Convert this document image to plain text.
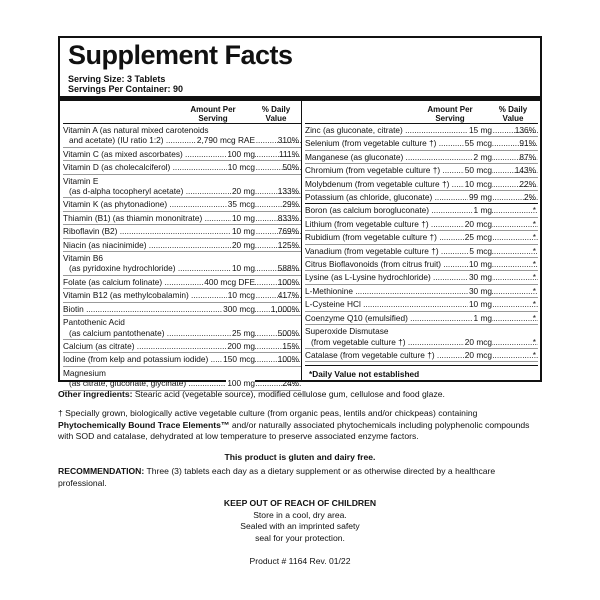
Supplement Facts
Serving Size: 3 Tablets
Servings Per Container: 90
Amount Per Serving
% Daily Value
Vitamin A (as natural mixed carotenoids
and acetate) (IU ratio 1:2) .....	2,790 mcg RAE	310%
Vitamin C (as mixed ascorbates) .....	100 mg	111%
Vitamin D (as cholecalciferol) .....	10 mcg	50%
Vitamin E
(as d-alpha tocopheryl acetate) .....	20 mg	133%
Vitamin K (as phytonadione) .....	35 mcg	29%
Thiamin (B1) (as thiamin mononitrate) .....	10 mg	833%
Riboflavin (B2) .....	10 mg	769%
Niacin (as niacinimide) .....	20 mg	125%
Vitamin B6
(as pyridoxine hydrochloride) .....	10 mg	588%
Folate (as calcium folinate) .....	400 mcg DFE	100%
Vitamin B12 (as methylcobalamin) .....	10 mcg	417%
Biotin .....	300 mcg	1,000%
Pantothenic Acid
(as calcium pantothenate) .....	25 mg	500%
Calcium (as citrate) .....	200 mg	15%
Iodine (from kelp and potassium iodide) .....	150 mcg	100%
Magnesium
(as citrate, gluconate, glycinate) .....	100 mg	24%
Amount Per Serving
% Daily Value
Zinc (as gluconate, citrate) .....	15 mg	136%
Selenium (from vegetable culture †) .....	55 mcg	91%
Manganese (as gluconate) .....	2 mg	87%
Chromium (from vegetable culture †) .....	50 mcg	143%
Molybdenum (from vegetable culture †) .....	10 mcg	22%
Potassium (as chloride, gluconate) .....	99 mg	2%
Boron (as calcium borogluconate) .....	1 mg	*
Lithium (from vegetable culture †) .....	20 mcg	*
Rubidium (from vegetable culture †) .....	25 mcg	*
Vanadium (from vegetable culture †) .....	5 mcg	*
Citrus Bioflavonoids (from citrus fruit) .....	10 mg	*
Lysine (as L-Lysine hydrochloride) .....	30 mg	*
L-Methionine .....	30 mg	*
L-Cysteine HCl .....	10 mg	*
Coenzyme Q10 (emulsified) .....	1 mg	*
Superoxide Dismutase
(from vegetable culture †) .....	20 mcg	*
Catalase (from vegetable culture †) .....	20 mcg	*
*Daily Value not established
Other ingredients: Stearic acid (vegetable source), modified cellulose gum, cellulose and food glaze.
† Specially grown, biologically active vegetable culture (from organic peas, lentils and/or chickpeas) containing Phytochemically Bound Trace Elements™ and/or naturally associated phytochemicals including polyphenolic compounds with SOD and catalase, dehydrated at low temperature to preserve associated enzyme factors.
This product is gluten and dairy free.
RECOMMENDATION: Three (3) tablets each day as a dietary supplement or as otherwise directed by a healthcare professional.
KEEP OUT OF REACH OF CHILDREN
Store in a cool, dry area.
Sealed with an imprinted safety
seal for your protection.
Product # 1164 Rev. 01/22
